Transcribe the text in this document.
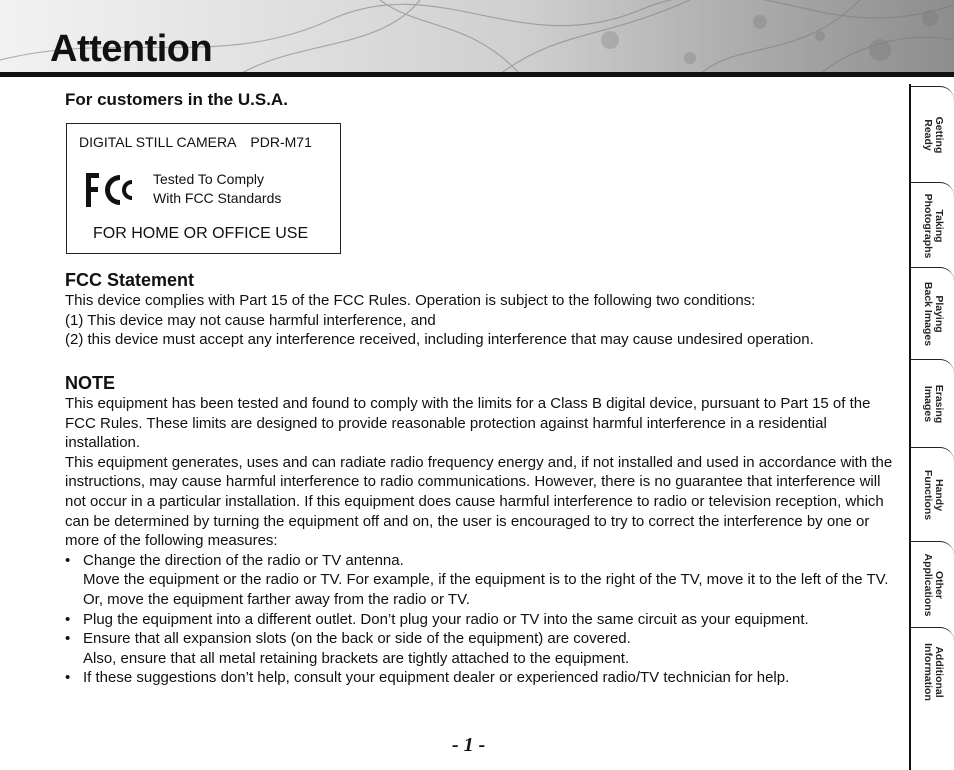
Attention
For customers in the U.S.A.
DIGITAL STILL CAMERA PDR-M71
Tested To Comply
With FCC Standards
FOR HOME OR OFFICE USE
FCC Statement

This device complies with Part 15 of the FCC Rules. Operation is subject to the following two conditions:

(1) This device may not cause harmful interference, and

(2) this device must accept any interference received, including interference that may cause undesired operation.

NOTE

This equipment has been tested and found to comply with the limits for a Class B digital device, pursuant to Part 15 of the FCC Rules. These limits are designed to provide reasonable protection against harmful interference in a residential installation.

This equipment generates, uses and can radiate radio frequency energy and, if not installed and used in accordance with the instructions, may cause harmful interference to radio communications. However, there is no guarantee that interference will not occur in a particular installation. If this equipment does cause harmful interference to radio or television reception, which can be determined by turning the equipment off and on, the user is encouraged to try to correct the interference by one or more of the following measures:

• Change the direction of the radio or TV antenna.
Move the equipment or the radio or TV. For example, if the equipment is to the right of the TV, move it to the left of the TV.
Or, move the equipment farther away from the radio or TV.
• Plug the equipment into a different outlet. Don’t plug your radio or TV into the same circuit as your equipment.
• Ensure that all expansion slots (on the back or side of the equipment) are covered.
Also, ensure that all metal retaining brackets are tightly attached to the equipment.
• If these suggestions don’t help, consult your equipment dealer or experienced radio/TV technician for help.
- 1 -
Getting
Ready
Taking
Photographs
Playing
Back Images
Erasing
Images
Handy
Functions
Other
Applications
Additional
Information
